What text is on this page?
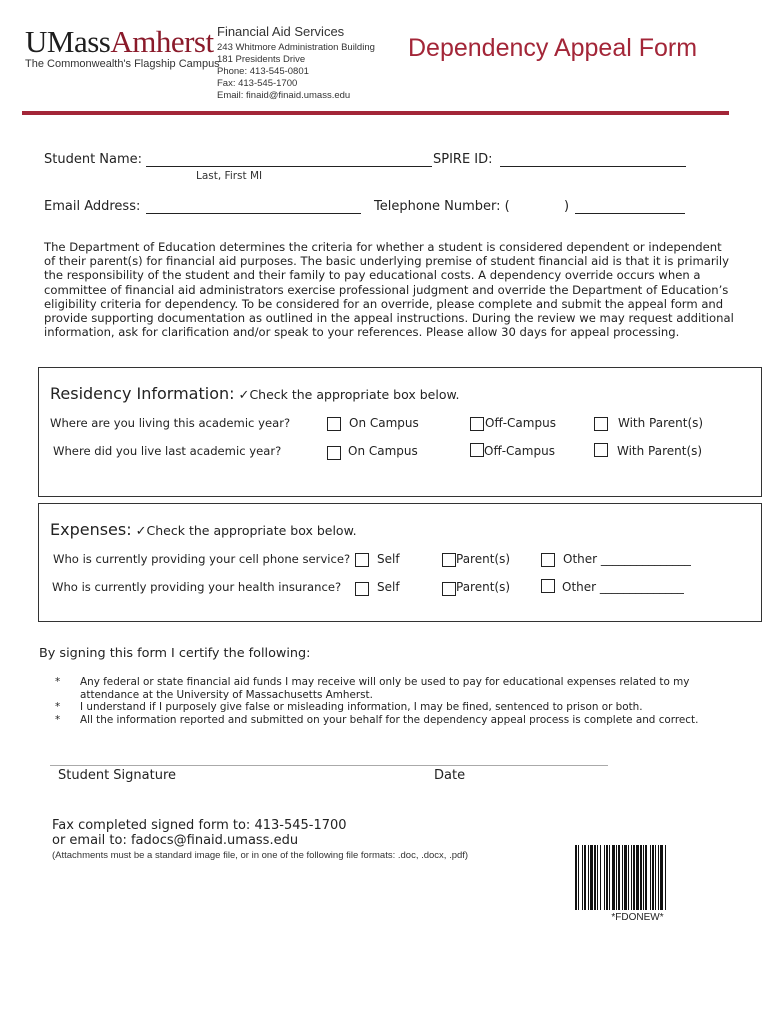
UMassAmherst
The Commonwealth's Flagship Campus
Financial Aid Services
243 Whitmore Administration Building
181 Presidents Drive
Phone: 413-545-0801
Fax: 413-545-1700
Email: finaid@finaid.umass.edu
Dependency Appeal Form
Student Name:	SPIRE ID:
Last, First MI
Email Address:	Telephone Number: (	)
The Department of Education determines the criteria for whether a student is considered dependent or independent of their parent(s) for financial aid purposes. The basic underlying premise of student financial aid is that it is primarily the responsibility of the student and their family to pay educational costs. A dependency override occurs when a committee of financial aid administrators exercise professional judgment and override the Department of Education’s eligibility criteria for dependency. To be considered for an override, please complete and submit the appeal form and provide supporting documentation as outlined in the appeal instructions. During the review we may request additional information, ask for clarification and/or speak to your references. Please allow 30 days for appeal processing.
Residency Information: ✓Check the appropriate box below.
Where are you living this academic year?	On Campus	Off-Campus	With Parent(s)
Where did you live last academic year?	On Campus	Off-Campus	With Parent(s)
Expenses: ✓Check the appropriate box below.
Who is currently providing your cell phone service? Self	Parent(s)	Other _______________
Who is currently providing your health insurance?	Self	Parent(s)	Other ______________
By signing this form I certify the following:
* Any federal or state financial aid funds I may receive will only be used to pay for educational expenses related to my attendance at the University of Massachusetts Amherst.
* I understand if I purposely give false or misleading information, I may be fined, sentenced to prison or both.
* All the information reported and submitted on your behalf for the dependency appeal process is complete and correct.
Student Signature	Date
Fax completed signed form to: 413-545-1700
or email to: fadocs@finaid.umass.edu
(Attachments must be a standard image file, or in one of the following file formats: .doc, .docx, .pdf)
*FDONEW*
